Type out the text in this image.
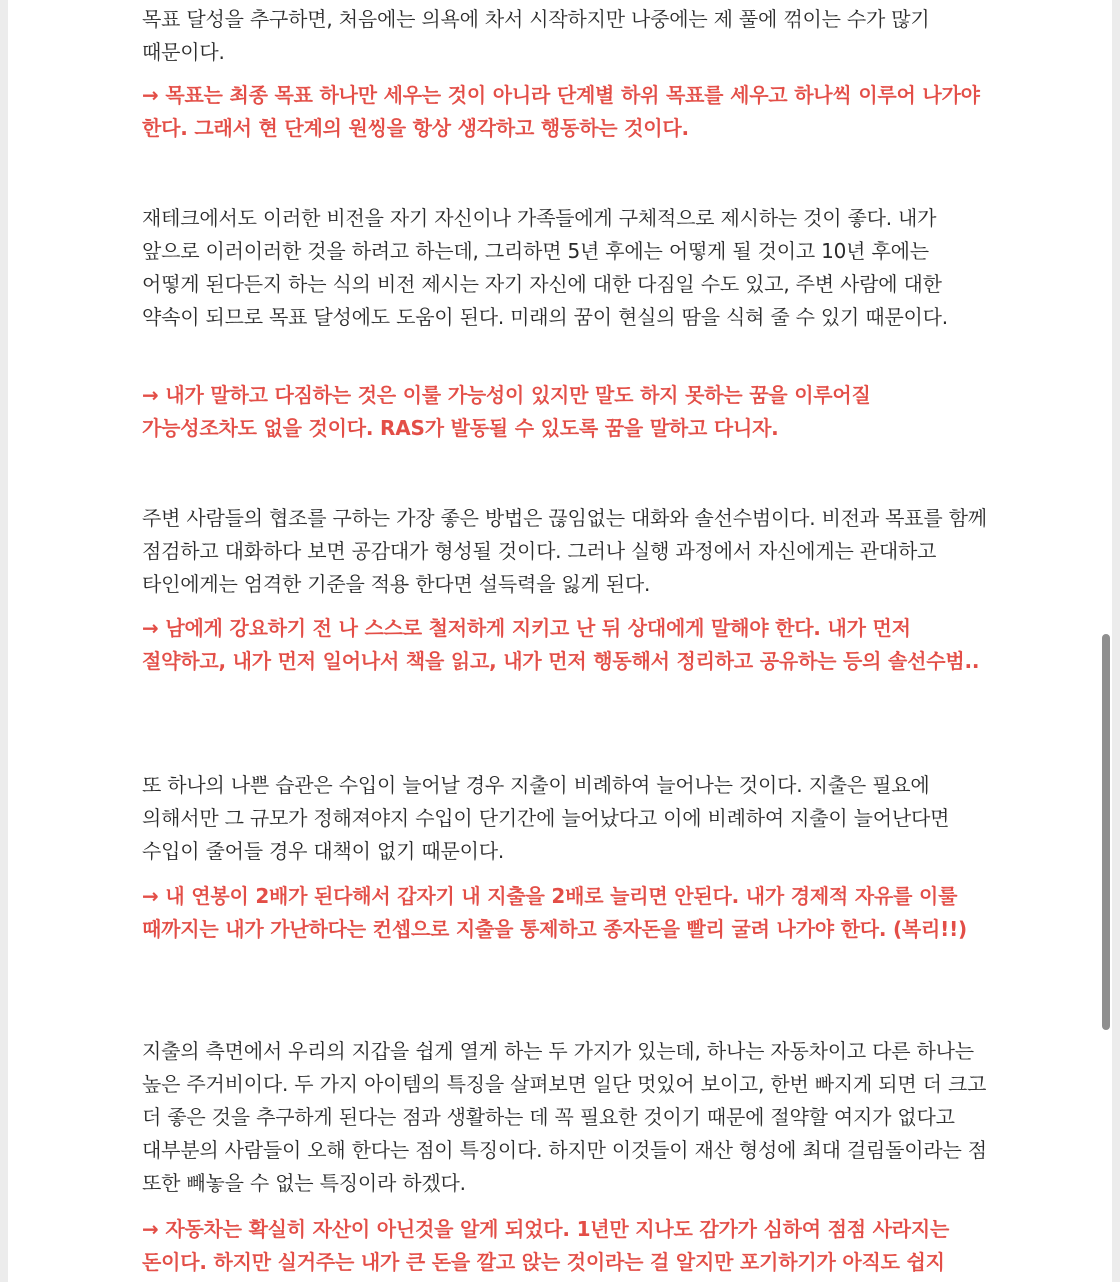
목표 달성을 추구하면, 처음에는 의욕에 차서 시작하지만 나중에는 제 풀에 꺾이는 수가 많기 때문이다.

→ 목표는 최종 목표 하나만 세우는 것이 아니라 단계별 하위 목표를 세우고 하나씩 이루어 나가야 한다. 그래서 현 단계의 원씽을 항상 생각하고 행동하는 것이다.

재테크에서도 이러한 비전을 자기 자신이나 가족들에게 구체적으로 제시하는 것이 좋다. 내가 앞으로 이러이러한 것을 하려고 하는데, 그리하면 5년 후에는 어떻게 될 것이고 10년 후에는 어떻게 된다든지 하는 식의 비전 제시는 자기 자신에 대한 다짐일 수도 있고, 주변 사람에 대한 약속이 되므로 목표 달성에도 도움이 된다. 미래의 꿈이 현실의 땀을 식혀 줄 수 있기 때문이다.

→ 내가 말하고 다짐하는 것은 이룰 가능성이 있지만 말도 하지 못하는 꿈을 이루어질 가능성조차도 없을 것이다. RAS가 발동될 수 있도록 꿈을 말하고 다니자.

주변 사람들의 협조를 구하는 가장 좋은 방법은 끊임없는 대화와 솔선수범이다. 비전과 목표를 함께 점검하고 대화하다 보면 공감대가 형성될 것이다. 그러나 실행 과정에서 자신에게는 관대하고 타인에게는 엄격한 기준을 적용 한다면 설득력을 잃게 된다.

→ 남에게 강요하기 전 나 스스로 철저하게 지키고 난 뒤 상대에게 말해야 한다. 내가 먼저 절약하고, 내가 먼저 일어나서 책을 읽고, 내가 먼저 행동해서 정리하고 공유하는 등의 솔선수범..

또 하나의 나쁜 습관은 수입이 늘어날 경우 지출이 비례하여 늘어나는 것이다. 지출은 필요에 의해서만 그 규모가 정해져야지 수입이 단기간에 늘어났다고 이에 비례하여 지출이 늘어난다면 수입이 줄어들 경우 대책이 없기 때문이다.

→ 내 연봉이 2배가 된다해서 갑자기 내 지출을 2배로 늘리면 안된다. 내가 경제적 자유를 이룰 때까지는 내가 가난하다는 컨셉으로 지출을 통제하고 종자돈을 빨리 굴려 나가야 한다. (복리!!)

지출의 측면에서 우리의 지갑을 쉽게 열게 하는 두 가지가 있는데, 하나는 자동차이고 다른 하나는 높은 주거비이다. 두 가지 아이템의 특징을 살펴보면 일단 멋있어 보이고, 한번 빠지게 되면 더 크고 더 좋은 것을 추구하게 된다는 점과 생활하는 데 꼭 필요한 것이기 때문에 절약할 여지가 없다고 대부분의 사람들이 오해 한다는 점이 특징이다. 하지만 이것들이 재산 형성에 최대 걸림돌이라는 점 또한 빼놓을 수 없는 특징이라 하겠다.

→ 자동차는 확실히 자산이 아닌것을 알게 되었다. 1년만 지나도 감가가 심하여 점점 사라지는 돈이다. 하지만 실거주는 내가 큰 돈을 깔고 앉는 것이라는 걸 알지만 포기하기가 아직도 쉽지
